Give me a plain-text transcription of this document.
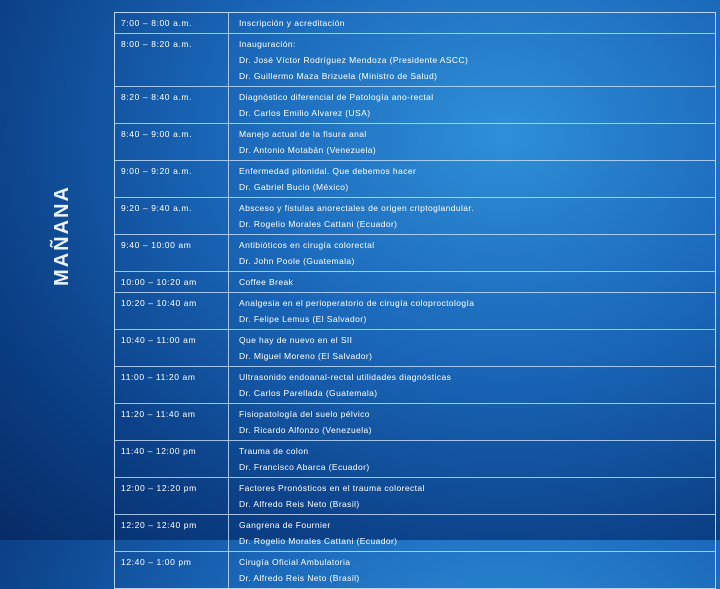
MAÑANA
7:00 – 8:00 a.m.	Inscripción y acreditación
8:00 – 8:20 a.m.	Inauguración:
Dr. José Víctor Rodríguez Mendoza (Presidente ASCC)
Dr. Guillermo Maza Brizuela (Ministro de Salud)
8:20 – 8:40 a.m.	Diagnóstico diferencial de Patología ano-rectal
Dr. Carlos Emilio Alvarez (USA)
8:40 – 9:00 a.m.	Manejo actual de la fisura anal
Dr. Antonio Motabán (Venezuela)
9:00 – 9:20 a.m.	Enfermedad pilonidal. Que debemos hacer
Dr. Gabriel Bucio (México)
9:20 – 9:40 a.m.	Absceso y fistulas anorectales de origen criptoglandular.
Dr. Rogelio Morales Cattani (Ecuador)
9:40 – 10:00 am	Antibióticos en cirugía colorectal
Dr. John Poole (Guatemala)
10:00 – 10:20 am	Coffee Break
10:20 – 10:40 am	Analgesia en el perioperatorio de cirugía coloproctología
Dr. Felipe Lemus (El Salvador)
10:40 – 11:00 am	Que hay de nuevo en el SII
Dr. Miguel Moreno (El Salvador)
11:00 – 11:20 am	Ultrasonido endoanal-rectal utilidades diagnósticas
Dr. Carlos Parellada (Guatemala)
11:20 – 11:40 am	Fisiopatología del suelo pélvico
Dr. Ricardo Alfonzo (Venezuela)
11:40 – 12:00 pm	Trauma de colon
Dr. Francisco Abarca (Ecuador)
12:00 – 12:20 pm	Factores Pronósticos en el trauma colorectal
Dr. Alfredo Reis Neto (Brasil)
12:20 – 12:40 pm	Gangrena de Fournier
Dr. Rogelio Morales Cattani (Ecuador)
12:40 – 1:00 pm	Cirugía Oficial Ambulatoria
Dr. Alfredo Reis Neto (Brasil)
